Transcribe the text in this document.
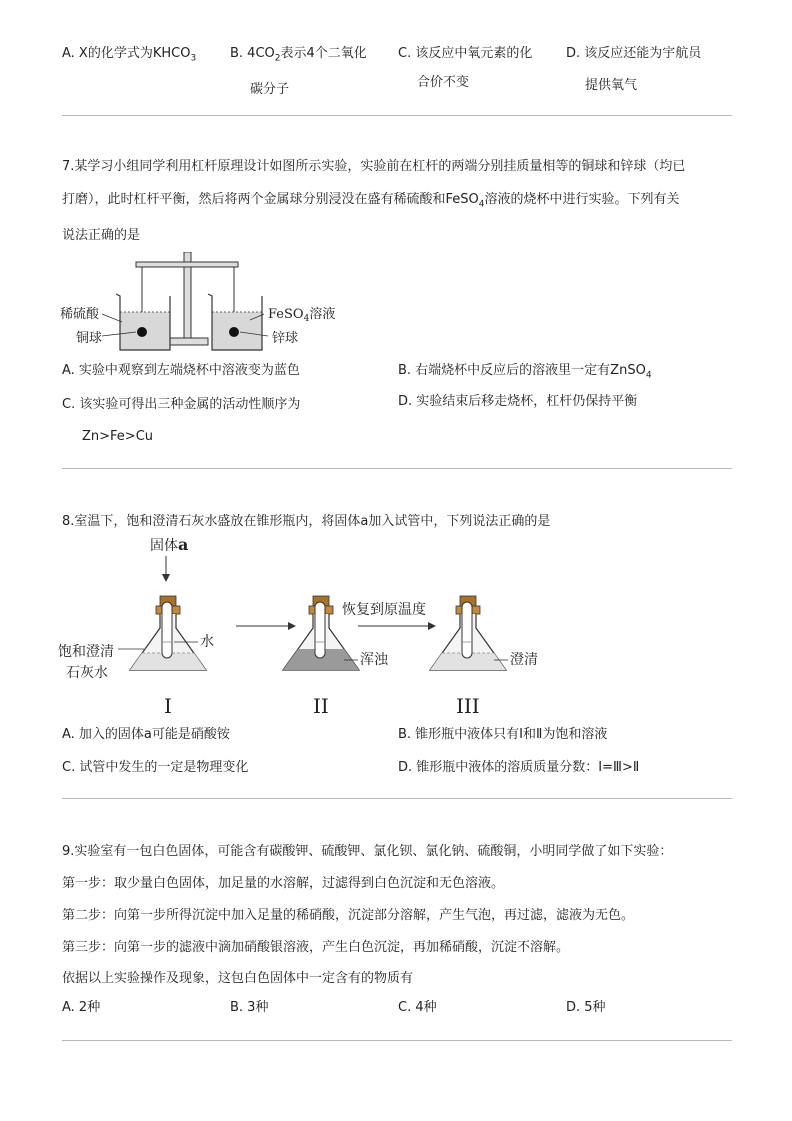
A. X的化学式为$KHCO_3$	B. $4CO_2$表示4个二氧化
碳分子
C. 该反应中氧元素的化
合价不变
D. 该反应还能为宇航员
提供氧气
7.某学习小组同学利用杠杆原理设计如图所示实验，实验前在杠杆的两端分别挂质量相等的铜球和锌球（均已
打磨），此时杠杆平衡，然后将两个金属球分别浸没在盛有稀硫酸和FeSO$_4$溶液的烧杯中进行实验。下列有关
说法正确的是
稀硫酸
铜球
FeSO$_4$溶液
锌球
A. 实验中观察到左端烧杯中溶液变为蓝色	B. 右端烧杯中反应后的溶液里一定有ZnSO$_4$
C. 该实验可得出三种金属的活动性顺序为
Zn>Fe>Cu
D. 实验结束后移走烧杯，杠杆仍保持平衡
8.室温下，饱和澄清石灰水盛放在锥形瓶内，将固体a加入试管中，下列说法正确的是
固体a
水
饱和澄清
石灰水
浑浊
恢复到原温度
澄清
I	II	III
A. 加入的固体a可能是硝酸铵	B. 锥形瓶中液体只有Ⅰ和Ⅱ为饱和溶液
C. 试管中发生的一定是物理变化	D. 锥形瓶中液体的溶质质量分数：Ⅰ=Ⅲ>Ⅱ
9.实验室有一包白色固体，可能含有碳酸钾、硫酸钾、氯化钡、氯化钠、硫酸铜，小明同学做了如下实验：
第一步：取少量白色固体，加足量的水溶解，过滤得到白色沉淀和无色溶液。
第二步：向第一步所得沉淀中加入足量的稀硝酸，沉淀部分溶解，产生气泡，再过滤，滤液为无色。
第三步：向第一步的滤液中滴加硝酸银溶液，产生白色沉淀，再加稀硝酸，沉淀不溶解。
依据以上实验操作及现象，这包白色固体中一定含有的物质有
A. 2种	B. 3种	C. 4种	D. 5种
